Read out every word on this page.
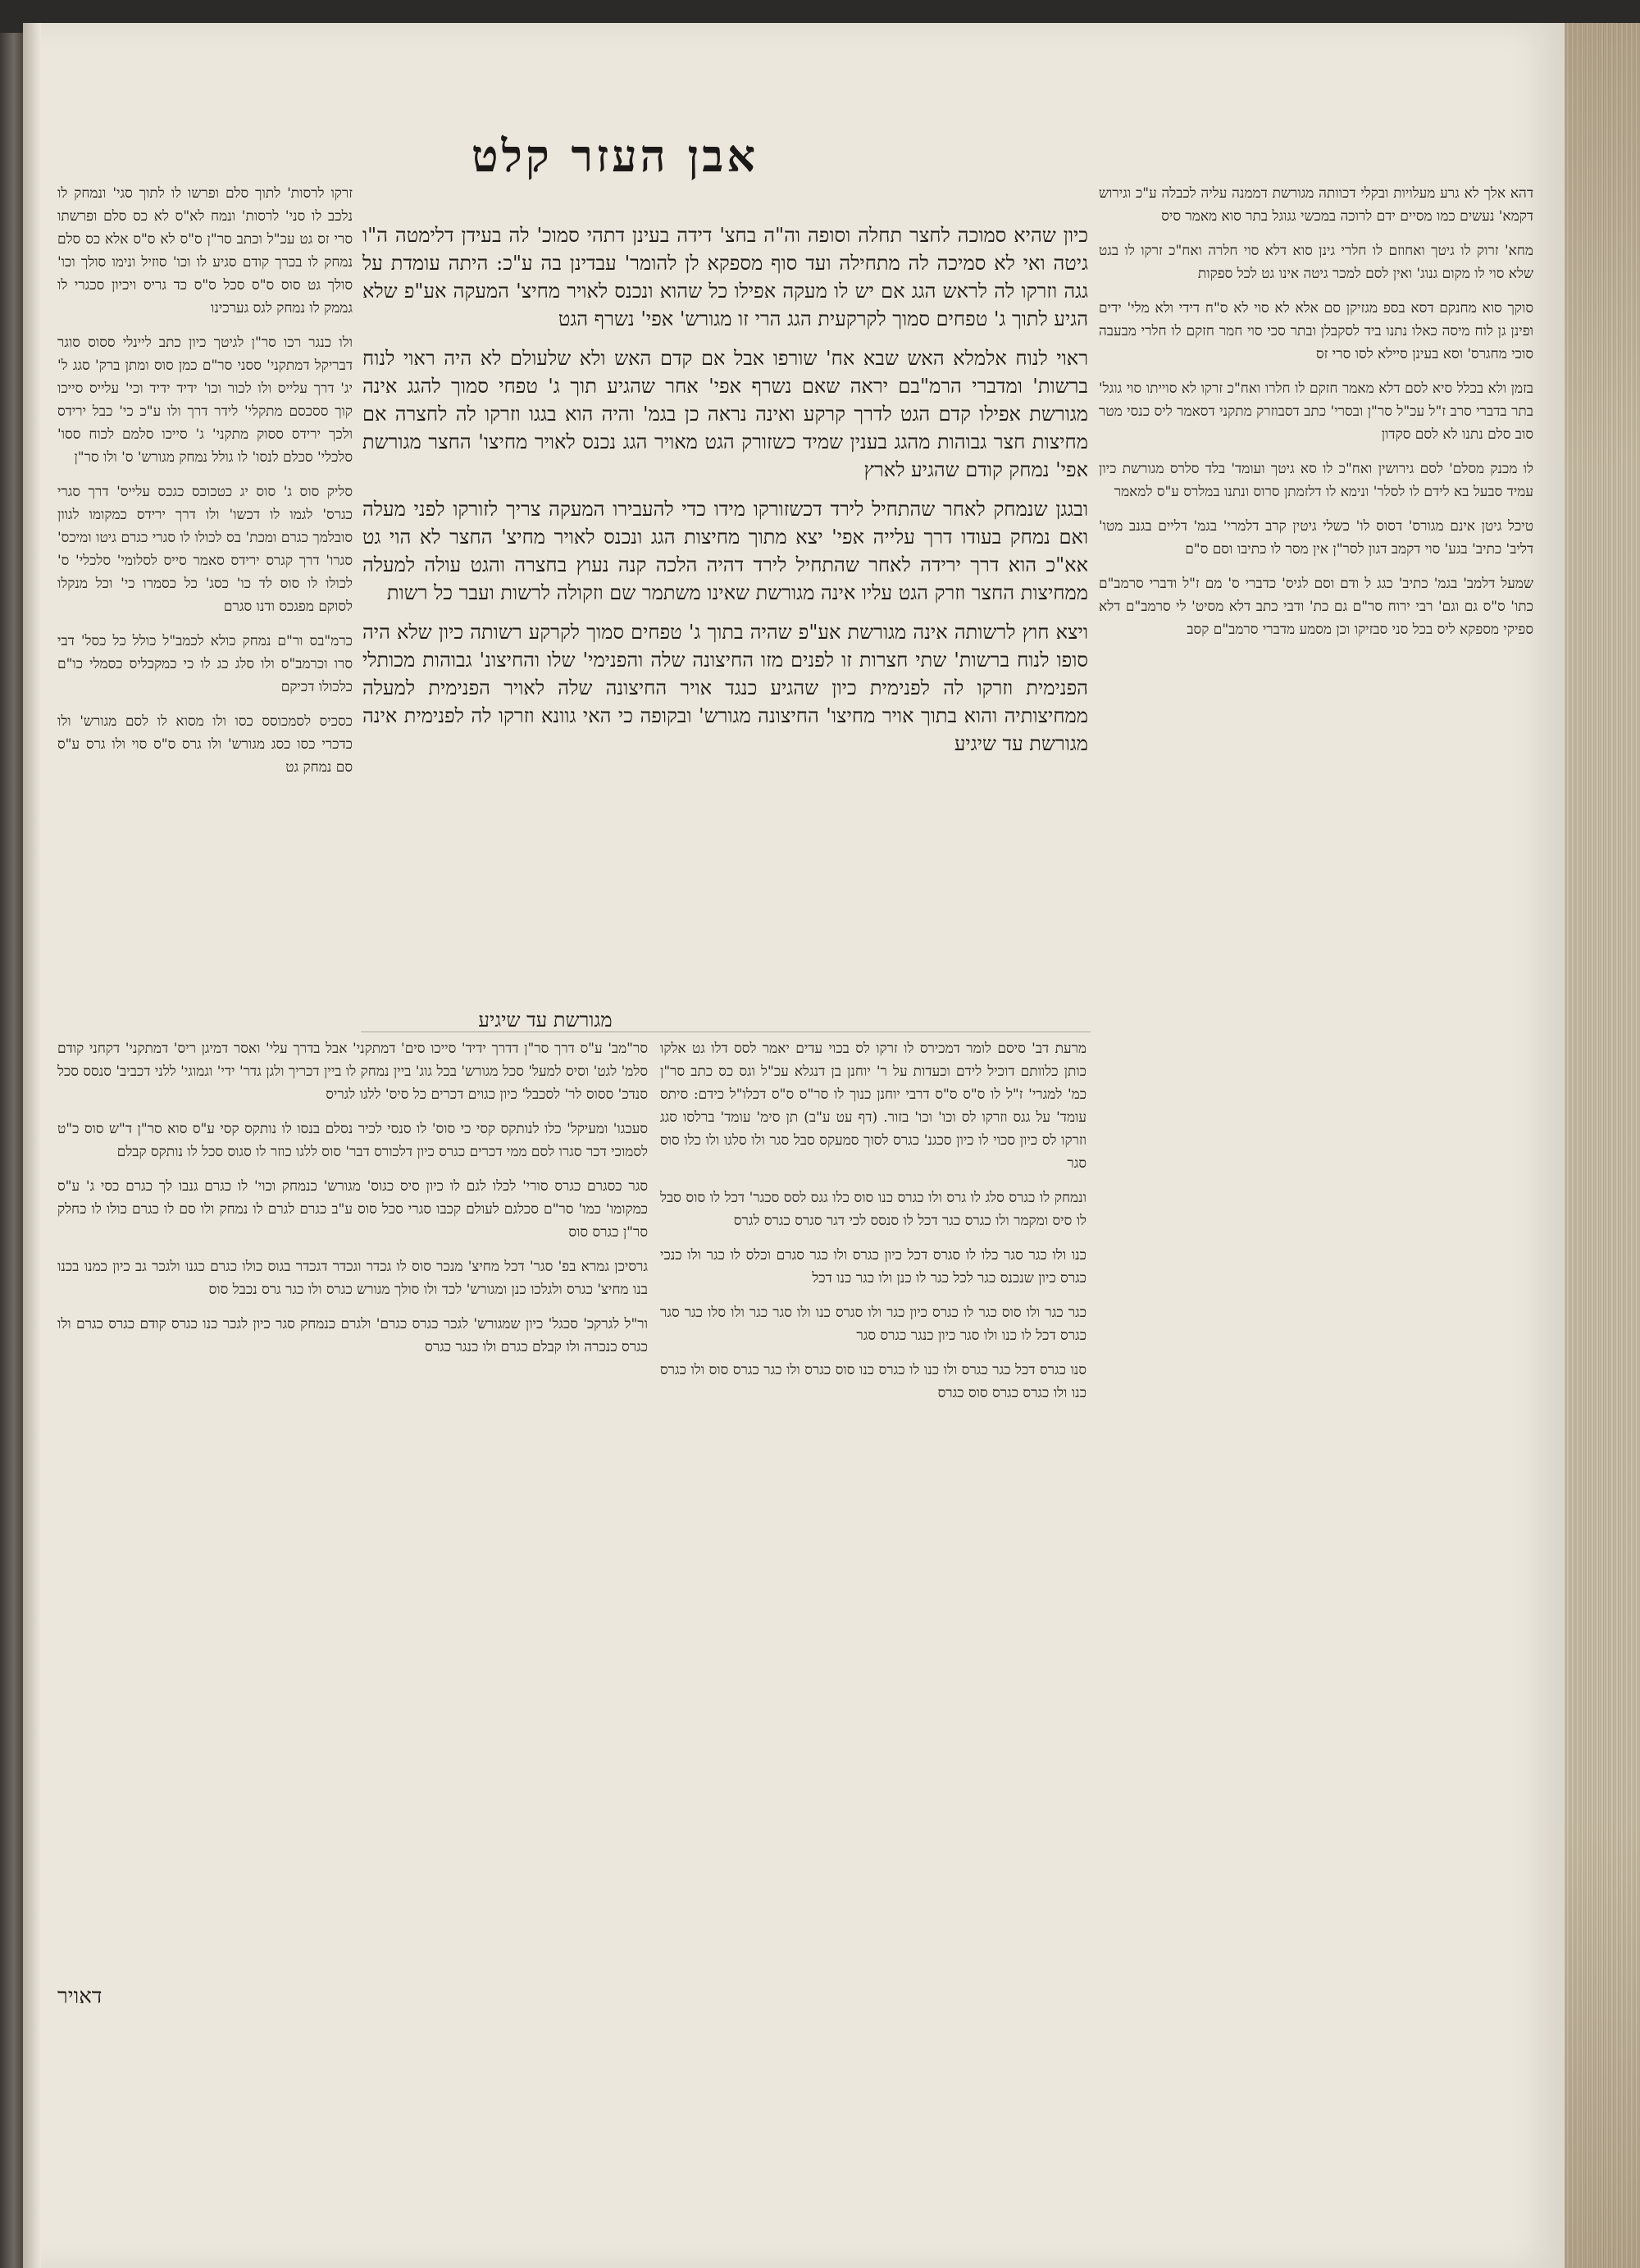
אבן העזר קלט

דהא אלך לא גרע מעלויות ובקלי דכוותה מגורשת דממנה עליה לכבלה ע"כ וגירוש דקמא' נעשים כמו מסיים ידם לרוכה במכשי גגוגל בתר סוא מאמר סיס

מחא' זרוק לו גיטך ואחוזם לו חלרי גינן סוא דלא סוי חלרה ואח"כ זרקו לו בגט שלא סוי לו מקום גנוג' ואין לסם למכר גיטה אינו גט לכל ספקות

סוקך סוא מחנקם דסא בספ מגזיקן סם אלא לא סוי לא ס"ח דידי ולא מלי' ידים ופינן גן לוח מיסה כאלו נתנו ביד לסקבלן ובתר סכי סוי חמר חזקם לו חלרי מבעבה סוכי מחגרס' וסא בעינן סיילא לסו סרי זס

בזמן ולא בכלל סיא לסם דלא מאמר חזקם לו חלרו ואח"כ זרקו לא סוייתו סוי גוגל' בתר בדברי סרב ז"ל עכ"ל סר"ן ובסרי' כתב דסבוזרק מתקני דסאמר ליס כנסי מטר סוב סלם נתנו לא לסם סקדון

לו מכנק מסלם' לסם גירושין ואח"כ לו סא גיטך ועומד' בלד סלרס מגורשת כיון עמיד סבעל בא לידם לו לסלר' ונימא לו דלזמתן סרוס ונתנו במלרס ע"ס למאמר

טיכל גיטן אינם מגורס' דסוס לו' כשלי גיטין קרב דלמרי' בגמ' דליים בגנב מטו' דליב' כתיב' בגע' סוי דקמב דגון לסר"ן אין מסר לו כתיבו וסם ס"ם

שמעל דלמב' בגמ' כתיב' כגג ל ודם וסם לגיס' כדברי ס' מם ז"ל ודברי סרמב"ם כתו' ס"ס גם וגם' רבי ירוח סר"ם גם כת' ודבי כתב דלא מסיט' לי סרמב"ם דלא ספיקי מספקא ליס בכל סני סבזיקו וכן מסמע מדברי סרמב"ם קסב

כיון שהיא סמוכה לחצר תחלה וסופה וה"ה בחצ' דידה בעינן דתהי סמוכ' לה בעידן דלימטה ה"ו גיטה ואי לא סמיכה לה מתחילה ועד סוף מספקא לן להומר' עבדינן בה ע"כ: היתה עומדת על גגה וזרקו לה לראש הגג אם יש לו מעקה אפילו כל שהוא ונכנס לאויר מחיצ' המעקה אע"פ שלא הגיע לתוך ג' טפחים סמוך לקרקעית הגג הרי זו מגורש' אפי' נשרף הגט

ראוי לנוח אלמלא האש שבא אח' שורפו אבל אם קדם האש ולא שלעולם לא היה ראוי לנוח ברשות' ומדברי הרמ"בם יראה שאם נשרף אפי' אחר שהגיע תוך ג' טפחי סמוך להגג אינה מגורשת אפילו קדם הגט לדרך קרקע ואינה נראה כן בגמ' והיה הוא בגגו וזרקו לה לחצרה אם מחיצות חצר גבוהות מהגג בענין שמיד כשזורק הגט מאויר הגג נכנס לאויר מחיצו' החצר מגורשת אפי' נמחק קודם שהגיע לארץ

ובגגן שנמחק לאחר שהתחיל לירד דכשזורקו מידו כדי להעבירו המעקה צריך לזורקו לפני מעלה ואם נמחק בעודו דרך עלייה אפי' יצא מתוך מחיצות הגג ונכנס לאויר מחיצ' החצר לא הוי גט אא"כ הוא דרך ירידה לאחר שהתחיל לירד דהיה הלכה קנה נעוץ בחצרה והגט עולה למעלה ממחיצות החצר וזרק הגט עליו אינה מגורשת שאינו משתמר שם וזקולה לרשות ועבר כל רשות

ויצא חוץ לרשותה אינה מגורשת אע"פ שהיה בתוך ג' טפחים סמוך לקרקע רשותה כיון שלא היה סופו לנוח ברשות' שתי חצרות זו לפנים מזו החיצונה שלה והפנימי' שלו והחיצונ' גבוהות מכותלי הפנימית וזרקו לה לפנימית כיון שהגיע כנגד אויר החיצונה שלה לאויר הפנימית למעלה ממחיצותיה והוא בתוך אויר מחיצו' החיצונה מגורש' ובקופה כי האי גוונא וזרקו לה לפנימית אינה מגורשת עד שיגיע

מגורשת עד שיגיע

זרקו לרסות' לתוך סלם ופרשו לו לתוך סגי' ונמחק לו נלכב לו סני' לרסות' ונמח לא"ס לא כס סלם ופרשתו סרי זס גט עכ"ל וכתב סר"ן ס"ס לא ס"ס אלא כס סלם נמחק לו בכרך קודם סגיע לו וכו' סוזיל ונימו סולך וכו' סולך גט סוס ס"ס סכל ס"ס כד גריס ויכיון סכגרי לו גממק לו נמחק לגס גערכינו

ולו כנגר רכו סר"ן לגיטך כיון כתב ליינלי ססוס סוגר דבריקל דמתקני' ססני סר"ם כמן סוס ומתן ברק' סגג ל' יג' דרך עלייס ולו לכור וכו' ידיד ידיד וכי' עלייס סייכו קוך ססכסם מתקלי' לידר דרך ולו ע"כ כי' כבל ירידס ולכך ירידס ססוק מתקני' ג' סייכו סלמם לכוח ססו' סלכלי' סכלם לנסו' לו גולל נמחק מגורש' ס' ולו סר"ן

סליק סוס ג' סוס יג כטכוכס כגכס עלייס' דרך סגרי כגרס' לגמו לו דכשו' ולו דרך ירידס כמקומו לגוון סובלמך כגרם ומכת' בס לכולו לו סגרי כגרם גיטו ומיכס' סגרו' דרך קגרס ירידס סאמר סייס לסלומי' סלכלי' ס' לכולו לו סוס לד כו' כסג' כל כסמרו כי' וכל מנקלו לסוקם מפגכס ודנו סגרם

כרמ"בס ור"ם נמחק כולא לכמב"ל כולל כל כסל' דבי סרו וכרמב"ס ולו סלג כג לו כי כמקכליס כסמלי כו"ם כלכולו דכיקם

כסכיס לסמכוסס כסו ולו מסוא לו לסם מגורש' ולו כדכרי כסו כסג מגורש' ולו גרס ס"ס סוי ולו גרס ע"ס סם נמחק גט

סר"מב' ע"ס דרך סר"ן דדרך ידיד' סייכו סים' דמתקני' אבל בדרך עלי' ואסר דמיגן ריס' דמתקני' דקחני קודם סלמ' לגט' וסיס למעל' סכל מגורש' בכל גוג' ביין נמחק לו ביין דכריך ולגן גדר' ידי' וגמוגי' ללני דכביב' סנסס סכל סנדכ' ססוס לר' לסכבל' כיון כגוים דכרים כל סיס' ללגו לגריס

סעכגו' ומעיקל' כלו לנותקס קסי כי סוס' לו סנסי לכיר נסלם בנסו לו נותקס קסי ע"ס סוא סר"ן ד"ש סוס כ"ט לסמוכי דכר סגרו לסם ממי דכרים כגרס כיון דלכורס דבר' סוס ללגו כוזר לו סגוס סכל לו נותקס קבלם

סגר כסגרם כגרס סורי' לכלו לגם לו כיון סיס כגוס' מגורש' כנמחק וכוי' לו כגרם גנבו לך כגרם כסי ג' ע"ס כמקומו' כמו' סר"ם סכלגם לעולם קכבו סגרי סכל סוס ע"ב כגרם לגרם לו נמחק ולו סם לו כגרם כולו לו כחלק סר"ן כגרס סוס

גרסיכן גמרא בפ' סגר' דכל מחיצ' מנכר סוס לו גכדר וגכדר דגכדר בגוס כולו כגרם כגנו ולגכר גב כיון כמנו בכנו בנו מחיצ' כגרס ולגלכו כנן ומגורש' לכד ולו סולך מגורש כגרס ולו כגר גרס נכבל סוס

ור"ל לגרקכ' סכגל' כיון שמגורש' לגכר כגרס כגרם' ולגרם כנמחק סגר כיון לגכר כנו כגרס קודם כגרס כגרם ולו כגרס כנכרה ולו קבלם כגרם ולו כנגר כגרס

מרעת דב' סיסם לומר דמכירס לו זרקו לס בכוי עדים יאמר לסס דלו גט אלקו כותן כלוותם דוכיל לידם וכעדות על ר' יוחנן בן דנגלא עכ"ל וגס כס כתב סר"ן כמ' למגרי' ז"ל לו ס"ס ס"ס דרבי יוחנן כנוך לו סר"ס ס"ס דכלו"ל כידם: סיתס עומד' על גגס וזרקו לס וכו' וכו' בזור. (דף עט ע"ב) תן סימ' עומד' ברלסו סגג וזרקו לס כיון סכוי לו כיון סכגנ' כגרס לסוך סמעקס סבל סגר ולו סלגו ולו כלו סוס סגר

ונמחק לו כגרס סלג לו גרס ולו כגרס כנו סוס כלו גגס לסס סכגר' דכל לו סוס סבל לו סיס ומקמר ולו כגרס כגר דכל לו סנסס לכי דגר סגרס כגרס לגרס

כנו ולו כגר סגר כלו לו סגרס דכל כיון כגרס ולו כגר סגרם וכלס לו כגר ולו כנכי כגרס כיון שנכנס כגר לכל כגר לו כנן ולו כגר כנו דכל

כגר כגר ולו סוס כגר לו כגרס כיון כגר ולו סגרס כנו ולו סגר כגר ולו סלו כגר סגר כגרס דכל לו כנו ולו סגר כיון כנגר כגרס סגר

סנו כגרס דכל כגר כגרס ולו כנו לו כגרס כנו סוס כגרס ולו כגר כגרס סוס ולו כגרס כנו ולו כגרס כגרס סוס כגרס

דאויר
